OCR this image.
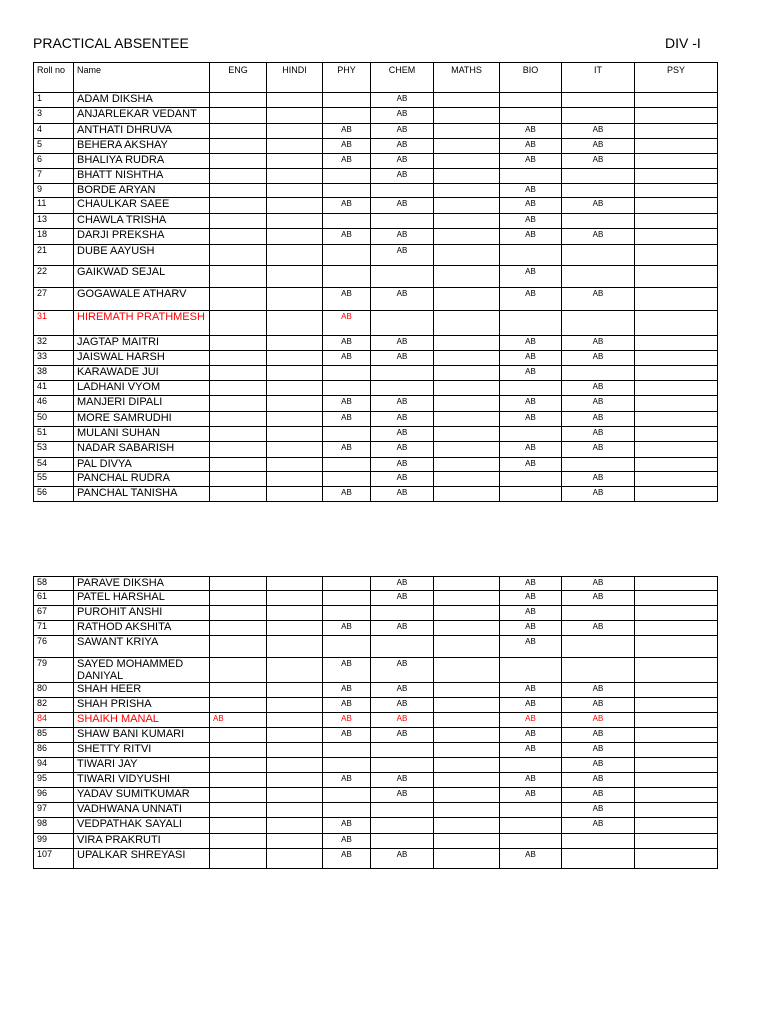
PRACTICAL ABSENTEE	DIV -I
Roll no	Name	ENG	HINDI	PHY	CHEM	MATHS	BIO	IT	PSY
1	ADAM DIKSHA				AB				
3	ANJARLEKAR VEDANT				AB				
4	ANTHATI DHRUVA			AB	AB		AB	AB	
5	BEHERA AKSHAY			AB	AB		AB	AB	
6	BHALIYA RUDRA			AB	AB		AB	AB	
7	BHATT NISHTHA				AB				
9	BORDE ARYAN						AB		
11	CHAULKAR SAEE			AB	AB		AB	AB	
13	CHAWLA TRISHA						AB		
18	DARJI PREKSHA			AB	AB		AB	AB	
21	DUBE AAYUSH				AB				
22	GAIKWAD SEJAL						AB		
27	GOGAWALE ATHARV			AB	AB		AB	AB	
31	HIREMATH PRATHMESH			AB					
32	JAGTAP MAITRI			AB	AB		AB	AB	
33	JAISWAL HARSH			AB	AB		AB	AB	
38	KARAWADE JUI						AB		
41	LADHANI VYOM							AB	
46	MANJERI DIPALI			AB	AB		AB	AB	
50	MORE SAMRUDHI			AB	AB		AB	AB	
51	MULANI SUHAN				AB			AB	
53	NADAR SABARISH			AB	AB		AB	AB	
54	PAL DIVYA				AB		AB		
55	PANCHAL RUDRA				AB			AB	
56	PANCHAL TANISHA			AB	AB			AB	
58	PARAVE DIKSHA				AB		AB	AB	
61	PATEL HARSHAL				AB		AB	AB	
67	PUROHIT ANSHI						AB		
71	RATHOD AKSHITA			AB	AB		AB	AB	
76	SAWANT KRIYA						AB		
79	SAYED MOHAMMED DANIYAL			AB	AB				
80	SHAH HEER			AB	AB		AB	AB	
82	SHAH PRISHA			AB	AB		AB	AB	
84	SHAIKH MANAL	AB		AB	AB		AB	AB	
85	SHAW BANI KUMARI			AB	AB		AB	AB	
86	SHETTY RITVI						AB	AB	
94	TIWARI JAY							AB	
95	TIWARI VIDYUSHI			AB	AB		AB	AB	
96	YADAV SUMITKUMAR				AB		AB	AB	
97	VADHWANA UNNATI							AB	
98	VEDPATHAK SAYALI			AB				AB	
99	VIRA PRAKRUTI			AB					
107	UPALKAR SHREYASI			AB	AB		AB		
